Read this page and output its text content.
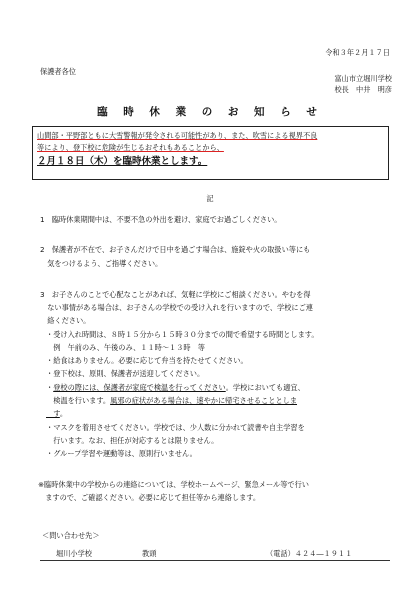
令和３年２月１７日
保護者各位
富山市立堀川学校
校長　中井　明彦
臨 時 休 業 の お 知 ら せ
山間部・平野部ともに大雪警報が発令される可能性があり、また、吹雪による視界不良
等により、登下校に危険が生じるおそれもあることから、
２月１８日（木）を臨時休業とします。
記
1　臨時休業期間中は、不要不急の外出を避け、家庭でお過ごしください。
2　保護者が不在で、お子さんだけで日中を過ごす場合は、施錠や火の取扱い等にも
　気をつけるよう、ご指導ください。
3　お子さんのことで心配なことがあれば、気軽に学校にご相談ください。やむを得
　ない事情がある場合は、お子さんの学校での受け入れを行いますので、学校にご連
　絡ください。
・受け入れ時間は、８時１５分から１５時３０分までの間で希望する時間とします。
　例　午前のみ、午後のみ、１１時～１３時　等
・給食はありません。必要に応じて弁当を持たせてください。
・登下校は、原則、保護者が送迎してください。
・登校の際には、保護者が家庭で検温を行ってください。学校においても適宜、
　検温を行います。風邪の症状がある場合は、速やかに帰宅させることとしま
　す。
・マスクを着用させてください。学校では、少人数に分かれて読書や自主学習を
　行います。なお、担任が対応するとは限りません。
・グループ学習や運動等は、原則行いません。
※臨時休業中の学校からの連絡については、学校ホームページ、緊急メール等で行い
　ますので、ご確認ください。必要に応じて担任等から連絡します。
＜問い合わせ先＞
堀川小学校	教頭	（電話）４２４―１９１１
